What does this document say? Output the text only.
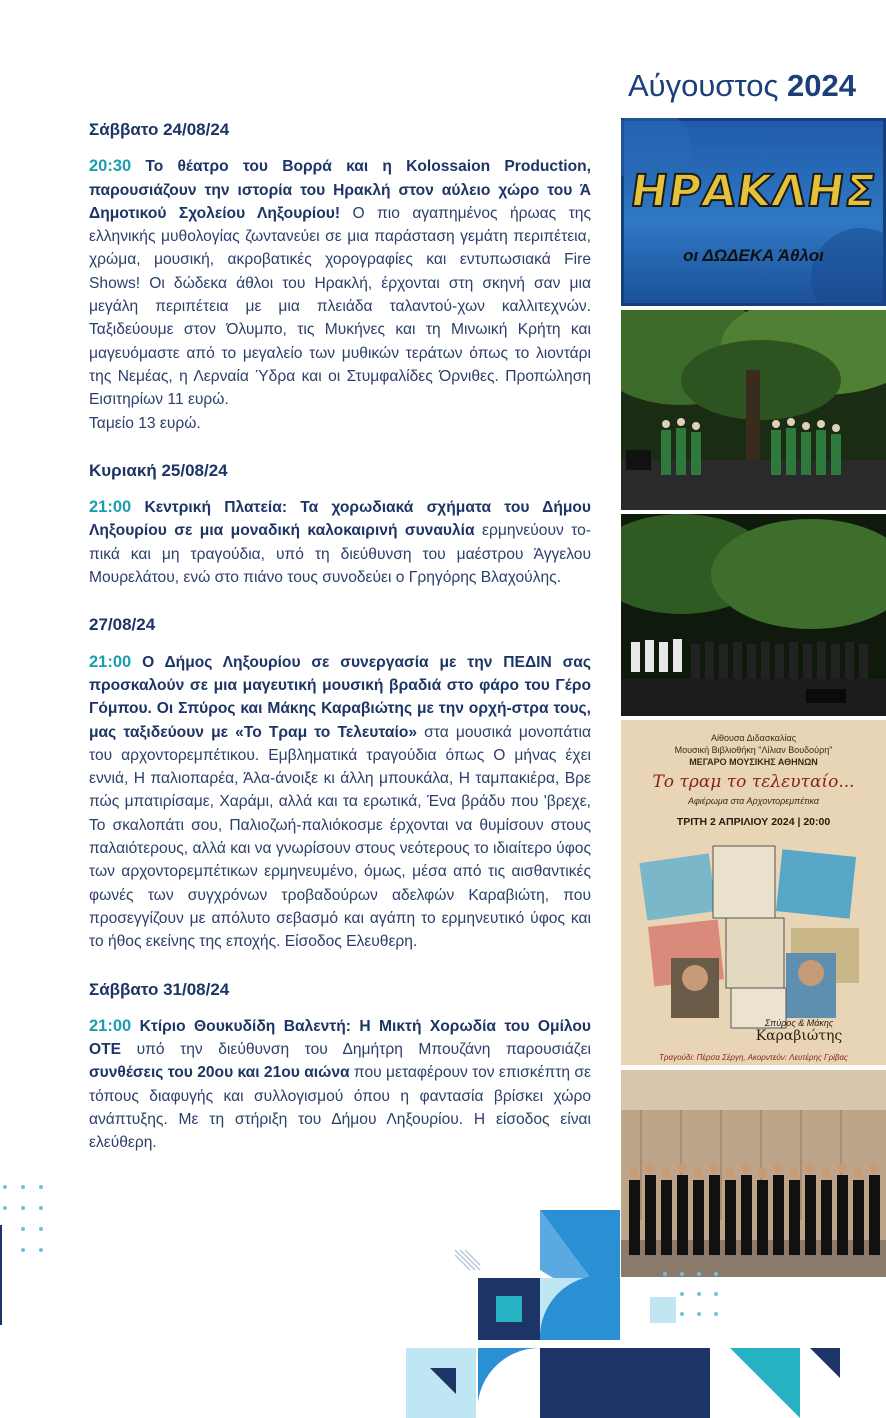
Αύγουστος 2024
Σάββατο 24/08/24
20:30 Το θέατρο του Βορρά και η Kolossaion Production, παρουσιάζουν την ιστορία του Ηρακλή στον αύλειο χώρο του Ά Δημοτικού Σχολείου Ληξουρίου! Ο πιο αγαπημένος ήρωας της ελληνικής μυθολογίας ζωντανεύει σε μια παράσταση γεμάτη περιπέτεια, χρώμα, μουσική, ακροβατικές χορογραφίες και εντυπωσιακά Fire Shows! Οι δώδεκα άθλοι του Ηρακλή, έρχονται στη σκηνή σαν μια μεγάλη περιπέτεια με μια πλειάδα ταλαντού-χων καλλιτεχνών. Ταξιδεύουμε στον Όλυμπο, τις Μυκήνες και τη Μινωική Κρήτη και μαγευόμαστε από το μεγαλείο των μυθικών τεράτων όπως το λιοντάρι της Νεμέας, η Λερναία Ύδρα και οι Στυμφαλίδες Όρνιθες. Προπώληση Εισιτηρίων 11 ευρώ.
Ταμείο 13 ευρώ.
Κυριακή 25/08/24
21:00 Κεντρική Πλατεία: Τα χορωδιακά σχήματα του Δήμου Ληξουρίου σε μια μοναδική καλοκαιρινή συναυλία ερμηνεύουν το-πικά και μη τραγούδια, υπό τη διεύθυνση του μαέστρου Άγγελου Μουρελάτου, ενώ στο πιάνο τους συνοδεύει ο Γρηγόρης Βλαχούλης.
27/08/24
21:00 Ο Δήμος Ληξουρίου σε συνεργασία με την ΠΕΔΙΝ σας προσκαλούν σε μια μαγευτική μουσική βραδιά στο φάρο του Γέρο Γόμπου. Οι Σπύρος και Μάκης Καραβιώτης με την ορχή-στρα τους, μας ταξιδεύουν με «Το Τραμ το Τελευταίο» στα μουσικά μονοπάτια του αρχοντορεμπέτικου. Εμβληματικά τραγούδια όπως Ο μήνας έχει εννιά, Η παλιοπαρέα, Άλα-άνοιξε κι άλλη μπουκάλα, Η ταμπακιέρα, Βρε πώς μπατιρίσαμε, Χαράμι, αλλά και τα ερωτικά, Ένα βράδυ που 'βρεχε, Το σκαλοπάτι σου, Παλιοζωή-παλιόκοσμε έρχονται να θυμίσουν στους παλαιότερους, αλλά και να γνωρίσουν στους νεότερους το ιδιαίτερο ύφος των αρχοντορεμπέτικων ερμηνευμένο, όμως, μέσα από τις αισθαντικές φωνές των συγχρόνων τροβαδούρων αδελφών Καραβιώτη, που προσεγγίζουν με απόλυτο σεβασμό και αγάπη το ερμηνευτικό ύφος και το ήθος εκείνης της εποχής. Είσοδος Ελευθερη.
Σάββατο 31/08/24
21:00 Κτίριο Θουκυδίδη Βαλεντή: Η Μικτή Χορωδία του Ομίλου ΟΤΕ υπό την διεύθυνση του Δημήτρη Μπουζάνη παρουσιάζει συνθέσεις του 20ου και 21ου αιώνα που μεταφέρουν τον επισκέπτη σε τόπους διαφυγής και συλλογισμού όπου η φαντασία βρίσκει χώρο ανάπτυξης. Με τη στήριξη του Δήμου Ληξουρίου. Η είσοδος είναι ελεύθερη.
ΗΡΑΚΛΗΣ
οι ΔΩΔΕΚΑ Άθλοι
Αίθουσα Διδασκαλίας
Μουσική Βιβλιοθήκη "Λίλιαν Βουδούρη"
ΜΕΓΑΡΟ ΜΟΥΣΙΚΗΣ ΑΘΗΝΩΝ
Το τραμ το τελευταίο...
Αφιέρωμα στα Αρχοντορεμπέτικα
ΤΡΙΤΗ 2 ΑΠΡΙΛΙΟΥ 2024 | 20:00
Σπύρος & Μάκης
Καραβιώτης
Τραγούδι: Πέρσα Σέργη, Ακορντεόν: Λευτέρης Γρίβας
